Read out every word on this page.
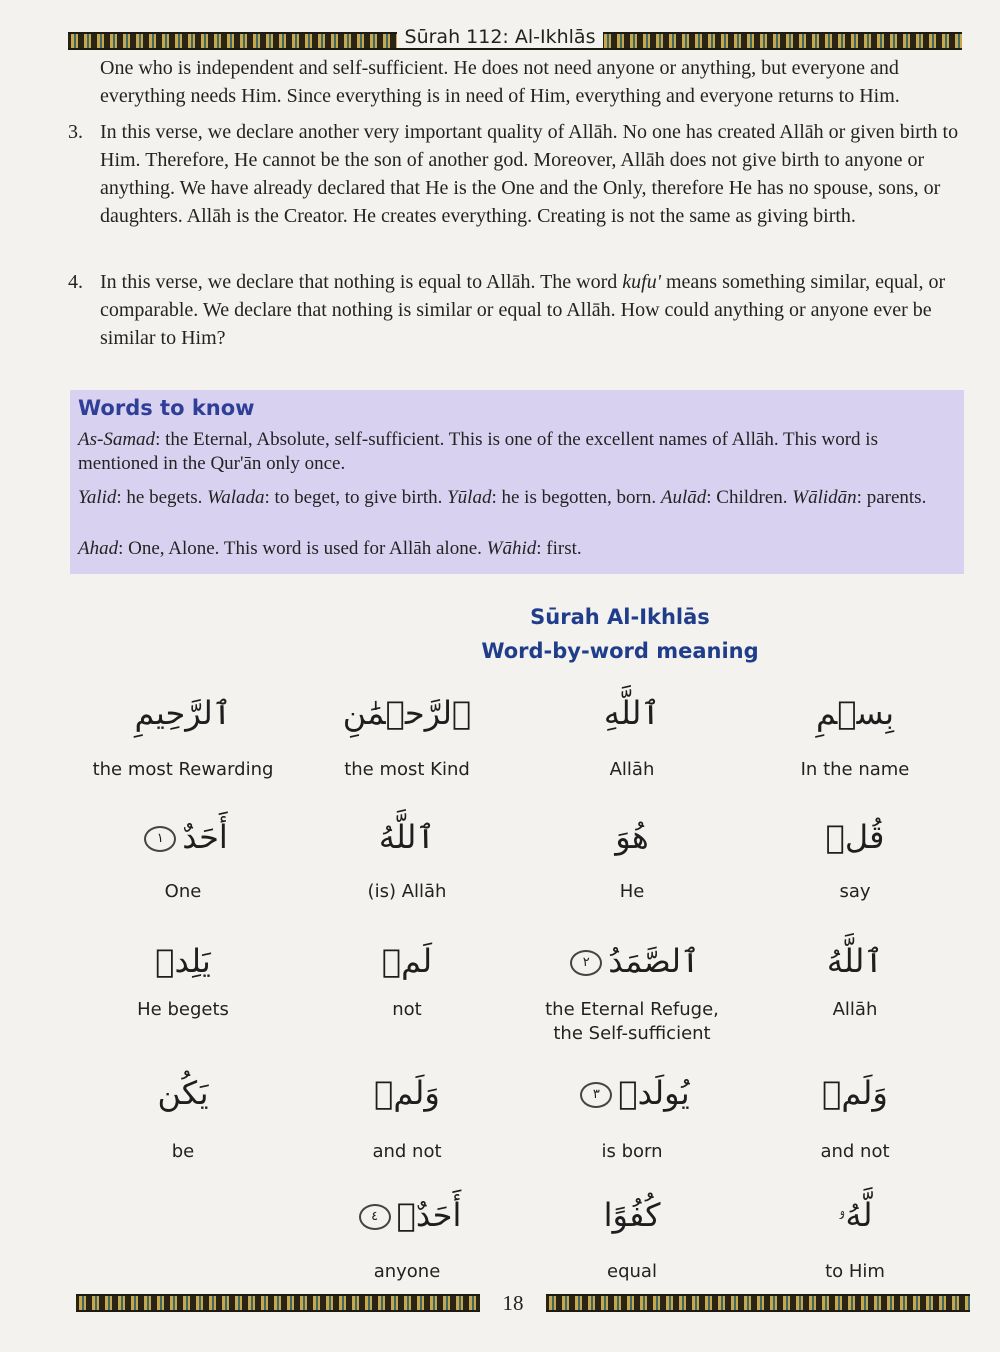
Sūrah 112: Al-Ikhlās
One who is independent and self-sufficient. He does not need anyone or anything, but everyone and everything needs Him. Since everything is in need of Him, everything and everyone returns to Him.
3. In this verse, we declare another very important quality of Allāh. No one has created Allāh or given birth to Him. Therefore, He cannot be the son of another god. Moreover, Allāh does not give birth to anyone or anything. We have already declared that He is the One and the Only, therefore He has no spouse, sons, or daughters. Allāh is the Creator. He creates everything. Creating is not the same as giving birth.
4. In this verse, we declare that nothing is equal to Allāh. The word kufu' means something similar, equal, or comparable. We declare that nothing is similar or equal to Allāh. How could anything or anyone ever be similar to Him?
Words to know
As-Samad: the Eternal, Absolute, self-sufficient. This is one of the excellent names of Allāh. This word is mentioned in the Qur'ān only once.
Yalid: he begets. Walada: to beget, to give birth. Yūlad: he is begotten, born. Aulād: Children. Wālidān: parents.
Ahad: One, Alone. This word is used for Allāh alone. Wāhid: first.
Sūrah Al-Ikhlās
Word-by-word meaning
بِسۡمِ
In the name
ٱللَّهِ
Allāh
ٱلرَّحۡمَٰنِ
the most Kind
ٱلرَّحِيمِ
the most Rewarding
قُلۡ
say
هُوَ
He
ٱللَّهُ
(is) Allāh
أَحَدٌ١
One
ٱللَّهُ
Allāh
ٱلصَّمَدُ٢
the Eternal Refuge, the Self-sufficient
لَمۡ
not
يَلِدۡ
He begets
وَلَمۡ
and not
يُولَدۡ٣
is born
وَلَمۡ
and not
يَكُن
be
لَّهُۥ
to Him
كُفُوًا
equal
أَحَدٌۢ٤
anyone
18
